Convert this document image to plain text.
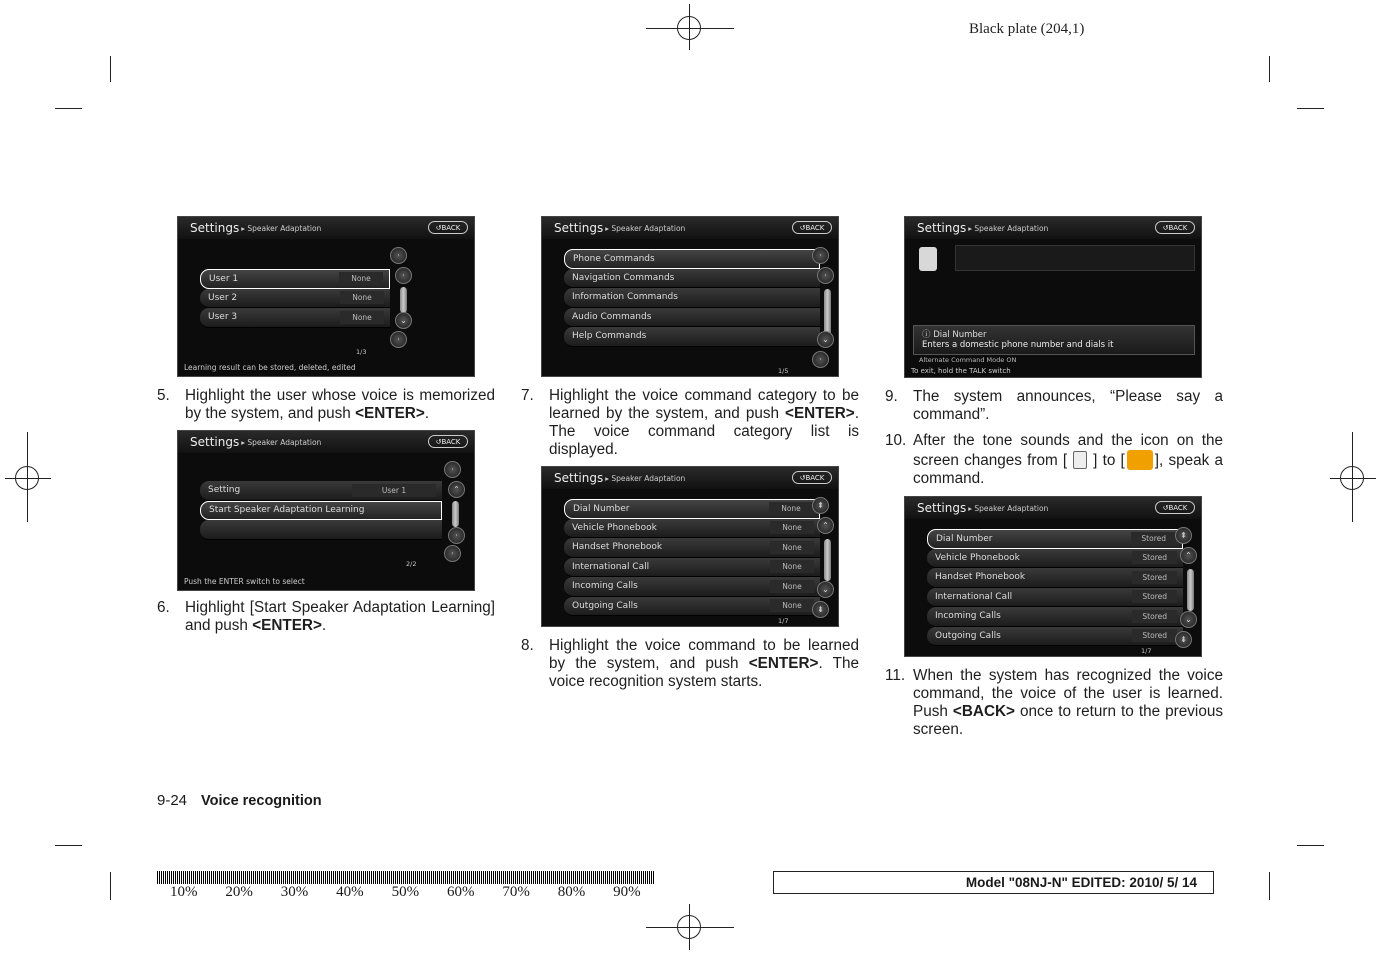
Black plate (204,1)
Settings ▸ Speaker Adaptation	↺ BACK
User 1	None
User 2	None
User 3	None
·
·
⌄
·
1/3
Learning result can be stored, deleted, edited
5. Highlight the user whose voice is memorized by the system, and push <ENTER>.
Settings ▸ Speaker Adaptation	↺ BACK
Setting	User 1
Start Speaker Adaptation Learning
·
⌃
·
·
2/2
Push the ENTER switch to select
6. Highlight [Start Speaker Adaptation Learning] and push <ENTER>.
Settings ▸ Speaker Adaptation	↺ BACK
Phone Commands
Navigation Commands
Information Commands
Audio Commands
Help Commands
·
·
⌄
·
1/5
7. Highlight the voice command category to be learned by the system, and push <ENTER>. The voice command category list is displayed.
Settings ▸ Speaker Adaptation	↺ BACK
Dial Number	None
Vehicle Phonebook	None
Handset Phonebook	None
International Call	None
Incoming Calls	None
Outgoing Calls	None
⇞
⌃
⌄
⇟
1/7
8. Highlight the voice command to be learned by the system, and push <ENTER>. The voice recognition system starts.
Settings ▸ Speaker Adaptation	↺ BACK
ⓘ Dial Number
Enters a domestic phone number and dials it
Alternate Command Mode ON
To exit, hold the TALK switch
9. The system announces, “Please say a command”.
10. After the tone sounds and the icon on the screen changes from [ ] to [ ], speak a command.
Settings ▸ Speaker Adaptation	↺ BACK
Dial Number	Stored
Vehicle Phonebook	Stored
Handset Phonebook	Stored
International Call	Stored
Incoming Calls	Stored
Outgoing Calls	Stored
⇞
⌃
⌄
⇟
1/7
11. When the system has recognized the voice command, the voice of the user is learned. Push <BACK> once to return to the previous screen.
9-24 Voice recognition
10%	20%	30%	40%	50%	60%	70%	80%	90%
Model "08NJ-N" EDITED: 2010/ 5/ 14
